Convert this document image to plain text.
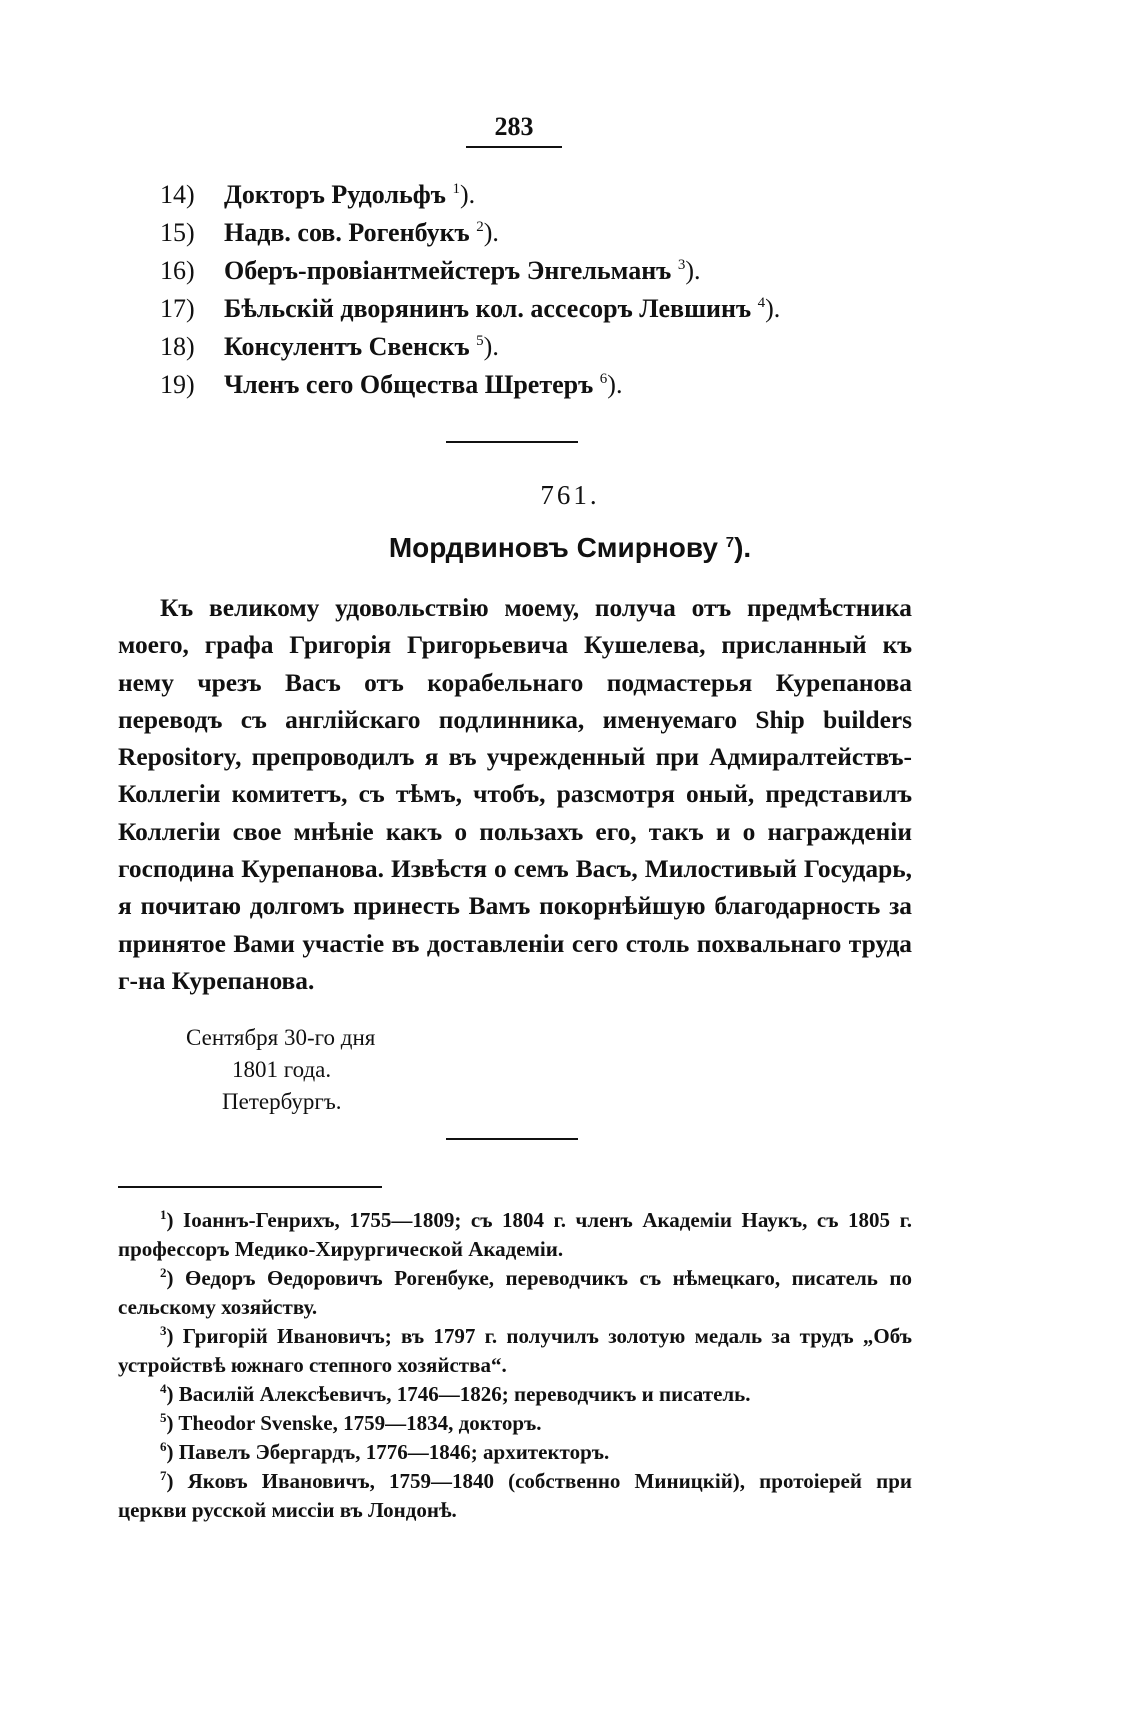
283
14) Докторъ Рудольфъ $^1$).
15) Надв. сов. Рогенбукъ $^2$).
16) Оберъ-провіантмейстеръ Энгельманъ $^3$).
17) Бѣльскій дворянинъ кол. ассесоръ Левшинъ $^4$).
18) Консулентъ Свенскъ $^5$).
19) Членъ сего Общества Шретеръ $^6$).
761.
Мордвиновъ Смирнову $^7$).

Къ великому удовольствію моему, получа отъ предмѣстника моего, графа Григорія Григорьевича Кушелева, присланный къ нему чрезъ Васъ отъ корабельнаго подмастерья Курепанова переводъ съ англійскаго подлинника, именуемаго Ship builders Repository, препроводилъ я въ учрежденный при Адмиралтействъ-Коллегіи комитетъ, съ тѣмъ, чтобъ, разсмотря оный, представилъ Коллегіи свое мнѣніе какъ о пользахъ его, такъ и о награжденіи господина Курепанова. Извѣстя о семъ Васъ, Милостивый Государь, я почитаю долгомъ принесть Вамъ покорнѣйшую благодарность за принятое Вами участіе въ доставленіи сего столь похвальнаго труда г-на Курепанова.

Сентября 30-го дня
1801 года.
Петербургъ.

$^1$) Іоаннъ-Генрихъ, 1755—1809; съ 1804 г. членъ Академіи Наукъ, съ 1805 г. профессоръ Медико-Хирургической Академіи.

$^2$) Өедоръ Өедоровичъ Рогенбуке, переводчикъ съ нѣмецкаго, писатель по сельскому хозяйству.

$^3$) Григорій Ивановичъ; въ 1797 г. получилъ золотую медаль за трудъ „Объ устройствѣ южнаго степного хозяйства“.

$^4$) Василій Алексѣевичъ, 1746—1826; переводчикъ и писатель.

$^5$) Theodor Svenske, 1759—1834, докторъ.

$^6$) Павелъ Эбергардъ, 1776—1846; архитекторъ.

$^7$) Яковъ Ивановичъ, 1759—1840 (собственно Миницкій), протоіерей при церкви русской миссіи въ Лондонѣ.
